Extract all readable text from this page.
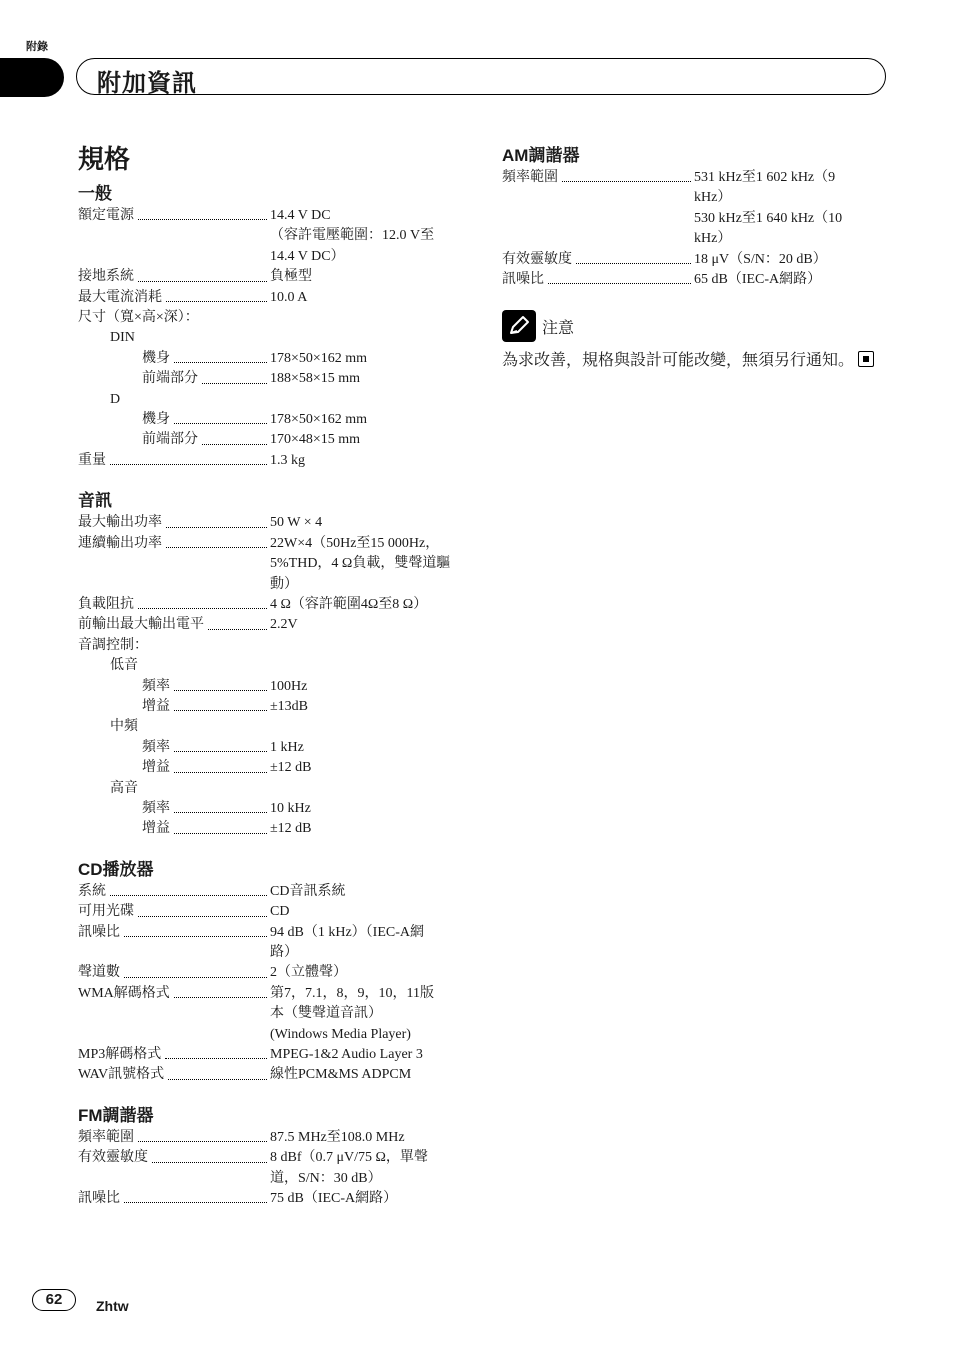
附錄
附加資訊
規格
一般
額定電源	14.4 V DC
（容許電壓範圍：12.0 V至
14.4 V DC）
接地系統	負極型
最大電流消耗	10.0 A
尺寸（寬×高×深）：
DIN
機身	178×50×162 mm
前端部分	188×58×15 mm
D
機身	178×50×162 mm
前端部分	170×48×15 mm
重量	1.3 kg
音訊
最大輸出功率	50 W × 4
連續輸出功率	22W×4（50Hz至15 000Hz，
5%THD，4 Ω負載，雙聲道驅
動）
負載阻抗	4 Ω（容許範圍4Ω至8 Ω）
前輸出最大輸出電平	2.2V
音調控制：
低音
頻率	100Hz
增益	±13dB
中頻
頻率	1 kHz
增益	±12 dB
高音
頻率	10 kHz
增益	±12 dB
CD播放器
系統	CD音訊系統
可用光碟	CD
訊噪比	94 dB（1 kHz）（IEC-A網
路）
聲道數	2（立體聲）
WMA解碼格式	第7，7.1，8，9，10，11版
本（雙聲道音訊）
(Windows Media Player)
MP3解碼格式	MPEG-1&2 Audio Layer 3
WAV訊號格式	線性PCM&MS ADPCM
FM調諧器
頻率範圍	87.5 MHz至108.0 MHz
有效靈敏度	8 dBf（0.7 μV/75 Ω，單聲
道，S/N：30 dB）
訊噪比	75 dB（IEC-A網路）
AM調諧器
頻率範圍	531 kHz至1 602 kHz（9
kHz）
530 kHz至1 640 kHz（10
kHz）
有效靈敏度	18 μV（S/N：20 dB）
訊噪比	65 dB（IEC-A網路）
注意
為求改善，規格與設計可能改變，無須另行通知。
62	Zhtw
